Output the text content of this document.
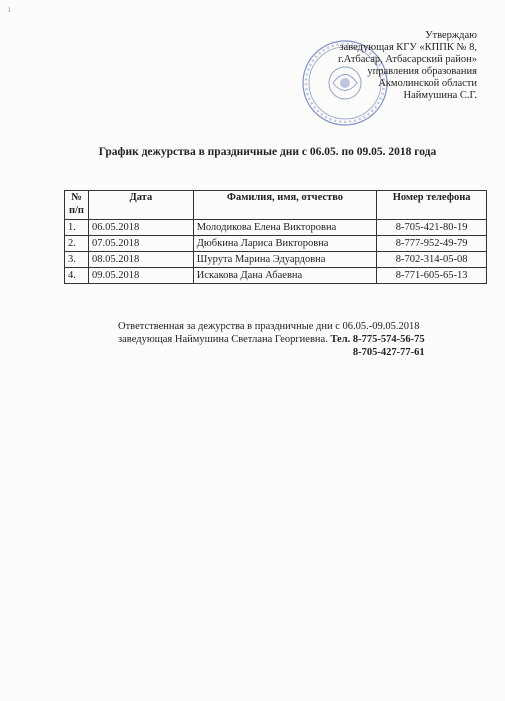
ı
Утверждаю
заведующая КГУ «КППК № 8,
г.Атбасар, Атбасарский район»
управления образования
Акмолинской области
Наймушина С.Г.
График дежурства в праздничные дни с 06.05. по 09.05. 2018 года
№ п/п	Дата	Фамилия, имя, отчество	Номер телефона
1.	06.05.2018	Молодикова Елена Викторовна	8-705-421-80-19
2.	07.05.2018	Дюбкина Лариса Викторовна	8-777-952-49-79
3.	08.05.2018	Шурута Марина Эдуардовна	8-702-314-05-08
4.	09.05.2018	Искакова Дана Абаевна	8-771-605-65-13
Ответственная за дежурства в праздничные дни с 06.05.-09.05.2018
заведующая Наймушина Светлана Георгиевна. Тел. 8-775-574-56-75
8-705-427-77-61
